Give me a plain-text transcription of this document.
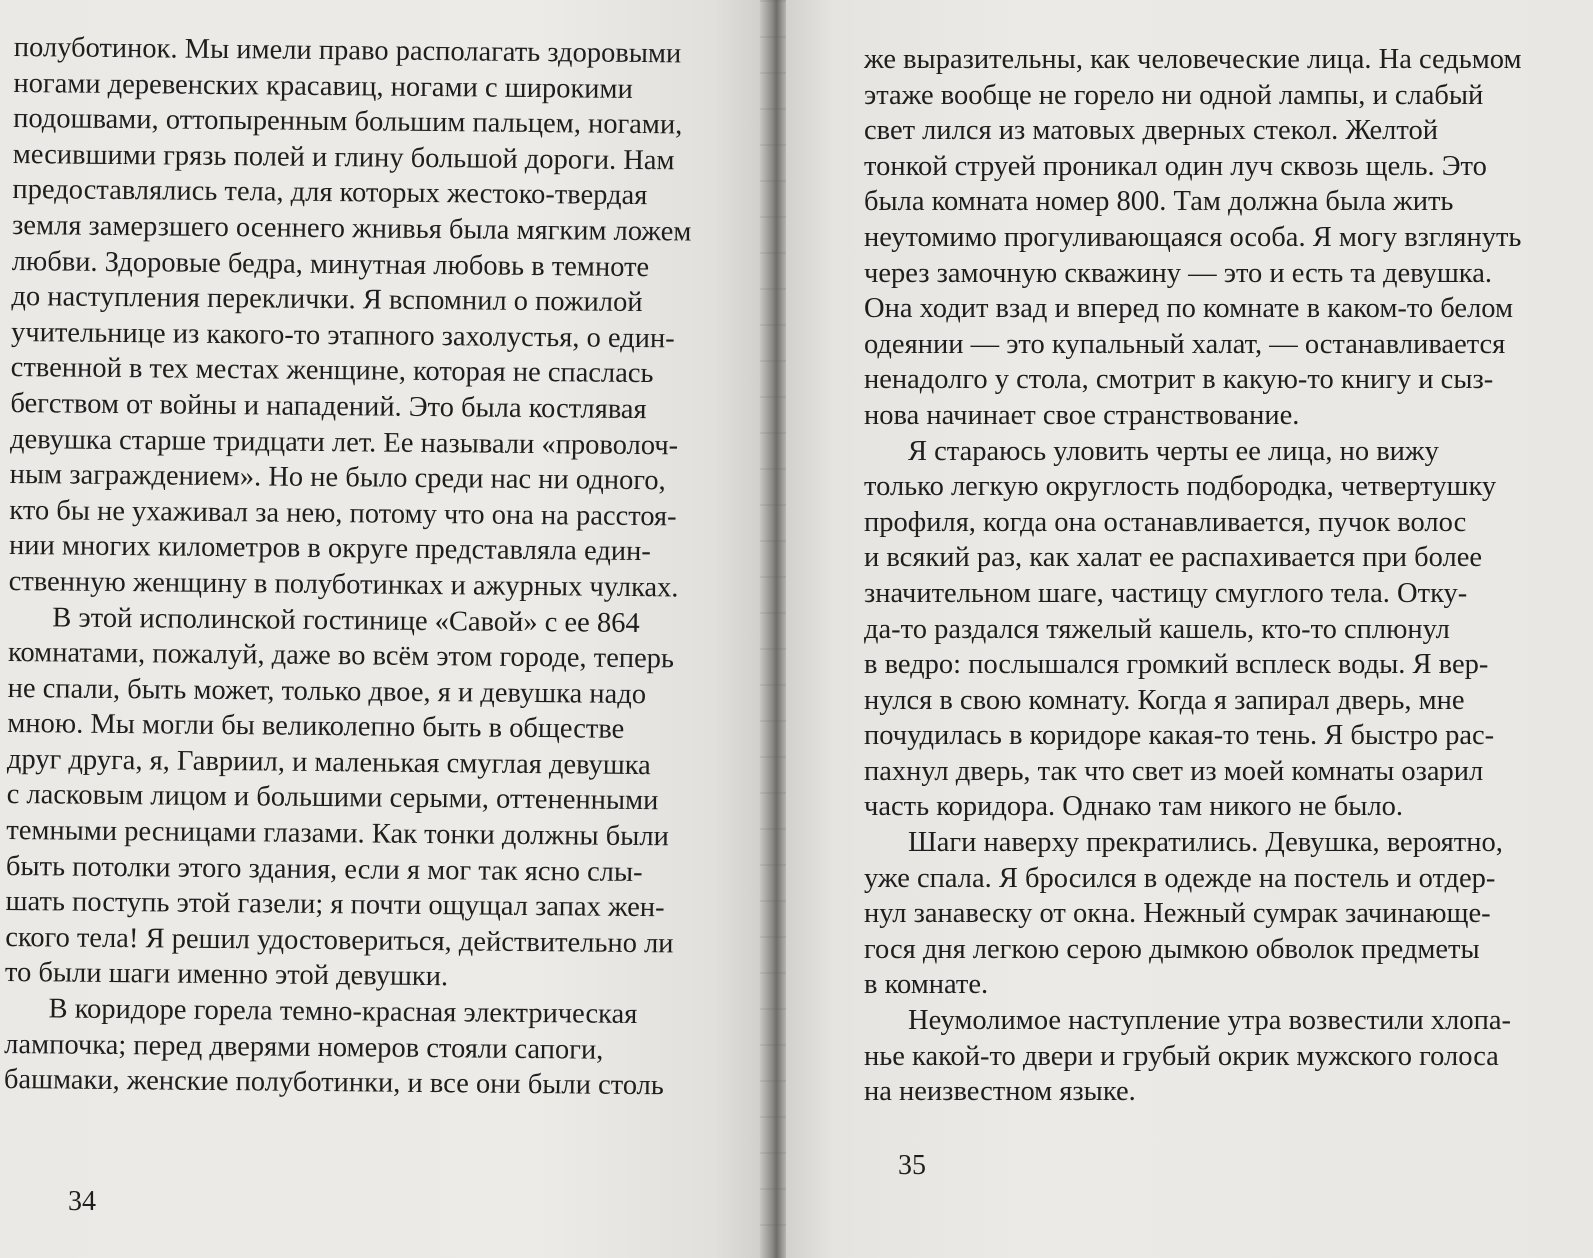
полуботинок. Мы имели право располагать здоровыми
ногами деревенских красавиц, ногами с широкими
подошвами, оттопыренным большим пальцем, ногами,
месившими грязь полей и глину большой дороги. Нам
предоставлялись тела, для которых жестоко-твердая
земля замерзшего осеннего жнивья была мягким ложем
любви. Здоровые бедра, минутная любовь в темноте
до наступления переклички. Я вспомнил о пожилой
учительнице из какого-то этапного захолустья, о един-
ственной в тех местах женщине, которая не спаслась
бегством от войны и нападений. Это была костлявая
девушка старше тридцати лет. Ее называли «проволоч-
ным заграждением». Но не было среди нас ни одного,
кто бы не ухаживал за нею, потому что она на расстоя-
нии многих километров в округе представляла един-
ственную женщину в полуботинках и ажурных чулках.
В этой исполинской гостинице «Савой» с ее 864
комнатами, пожалуй, даже во всём этом городе, теперь
не спали, быть может, только двое, я и девушка надо
мною. Мы могли бы великолепно быть в обществе
друг друга, я, Гавриил, и маленькая смуглая девушка
с ласковым лицом и большими серыми, оттененными
темными ресницами глазами. Как тонки должны были
быть потолки этого здания, если я мог так ясно слы-
шать поступь этой газели; я почти ощущал запах жен-
ского тела! Я решил удостовериться, действительно ли
то были шаги именно этой девушки.
В коридоре горела темно-красная электрическая
лампочка; перед дверями номеров стояли сапоги,
башмаки, женские полуботинки, и все они были столь
34
же выразительны, как человеческие лица. На седьмом
этаже вообще не горело ни одной лампы, и слабый
свет лился из матовых дверных стекол. Желтой
тонкой струей проникал один луч сквозь щель. Это
была комната номер 800. Там должна была жить
неутомимо прогуливающаяся особа. Я могу взглянуть
через замочную скважину — это и есть та девушка.
Она ходит взад и вперед по комнате в каком-то белом
одеянии — это купальный халат, — останавливается
ненадолго у стола, смотрит в какую-то книгу и сыз-
нова начинает свое странствование.
Я стараюсь уловить черты ее лица, но вижу
только легкую округлость подбородка, четвертушку
профиля, когда она останавливается, пучок волос
и всякий раз, как халат ее распахивается при более
значительном шаге, частицу смуглого тела. Отку-
да-то раздался тяжелый кашель, кто-то сплюнул
в ведро: послышался громкий всплеск воды. Я вер-
нулся в свою комнату. Когда я запирал дверь, мне
почудилась в коридоре какая-то тень. Я быстро рас-
пахнул дверь, так что свет из моей комнаты озарил
часть коридора. Однако там никого не было.
Шаги наверху прекратились. Девушка, вероятно,
уже спала. Я бросился в одежде на постель и отдер-
нул занавеску от окна. Нежный сумрак зачинающе-
гося дня легкою серою дымкою обволок предметы
в комнате.
Неумолимое наступление утра возвестили хлопа-
нье какой-то двери и грубый окрик мужского голоса
на неизвестном языке.
35
